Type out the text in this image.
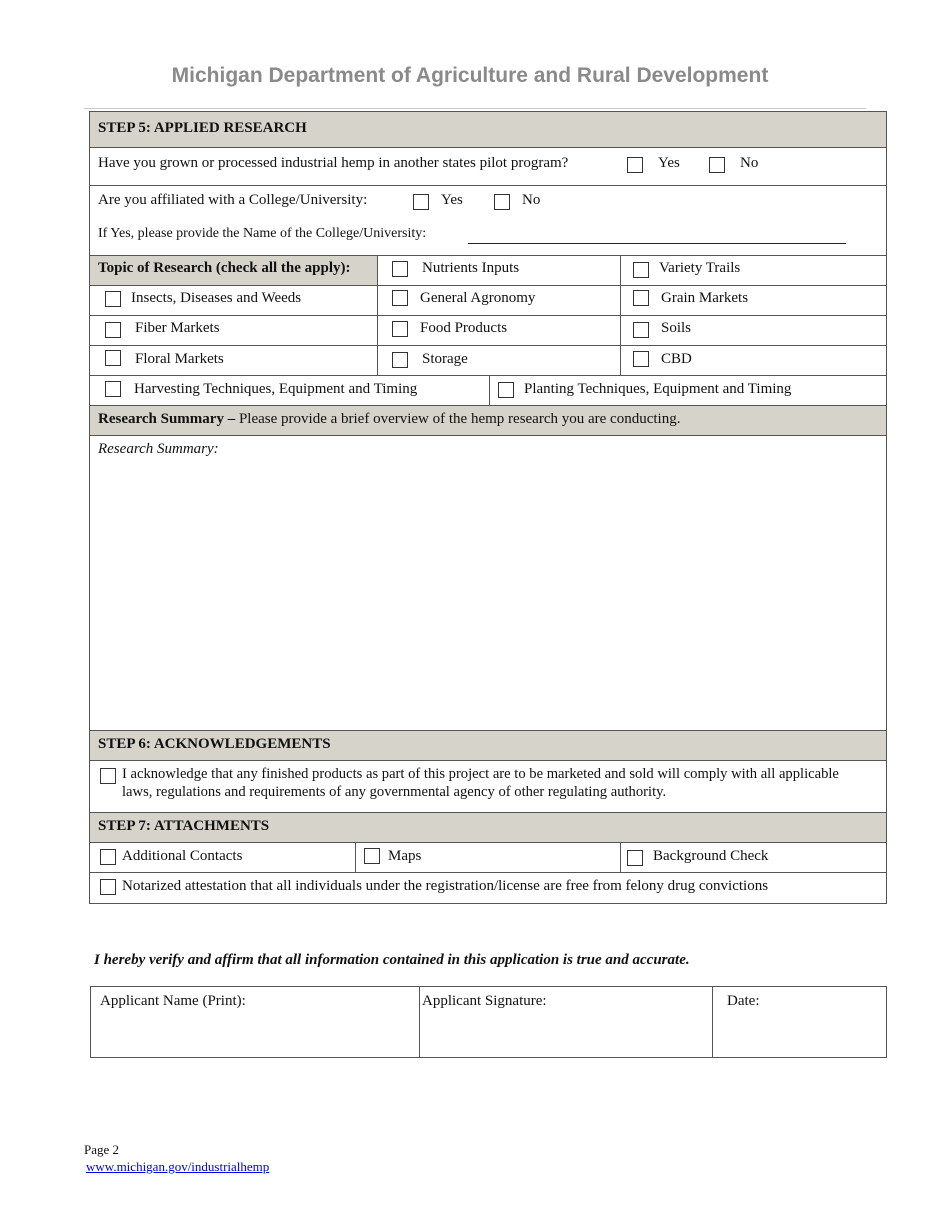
Michigan Department of Agriculture and Rural Development
STEP 5: APPLIED RESEARCH
Have you grown or processed industrial hemp in another states pilot program?	Yes	No
Are you affiliated with a College/University:	Yes	No
If Yes, please provide the Name of the College/University:
Topic of Research (check all the apply):	Nutrients Inputs	Variety Trails
Insects, Diseases and Weeds	General Agronomy	Grain Markets
Fiber Markets	Food Products	Soils
Floral Markets	Storage	CBD
Harvesting Techniques, Equipment and Timing	Planting Techniques, Equipment and Timing
Research Summary – Please provide a brief overview of the hemp research you are conducting.
Research Summary:
STEP 6: ACKNOWLEDGEMENTS
I acknowledge that any finished products as part of this project are to be marketed and sold will comply with all applicable
laws, regulations and requirements of any governmental agency of other regulating authority.
STEP 7: ATTACHMENTS
Additional Contacts	Maps	Background Check
Notarized attestation that all individuals under the registration/license are free from felony drug convictions
I hereby verify and affirm that all information contained in this application is true and accurate.
Applicant Name (Print):	Applicant Signature:	Date:
Page 2
www.michigan.gov/industrialhemp
